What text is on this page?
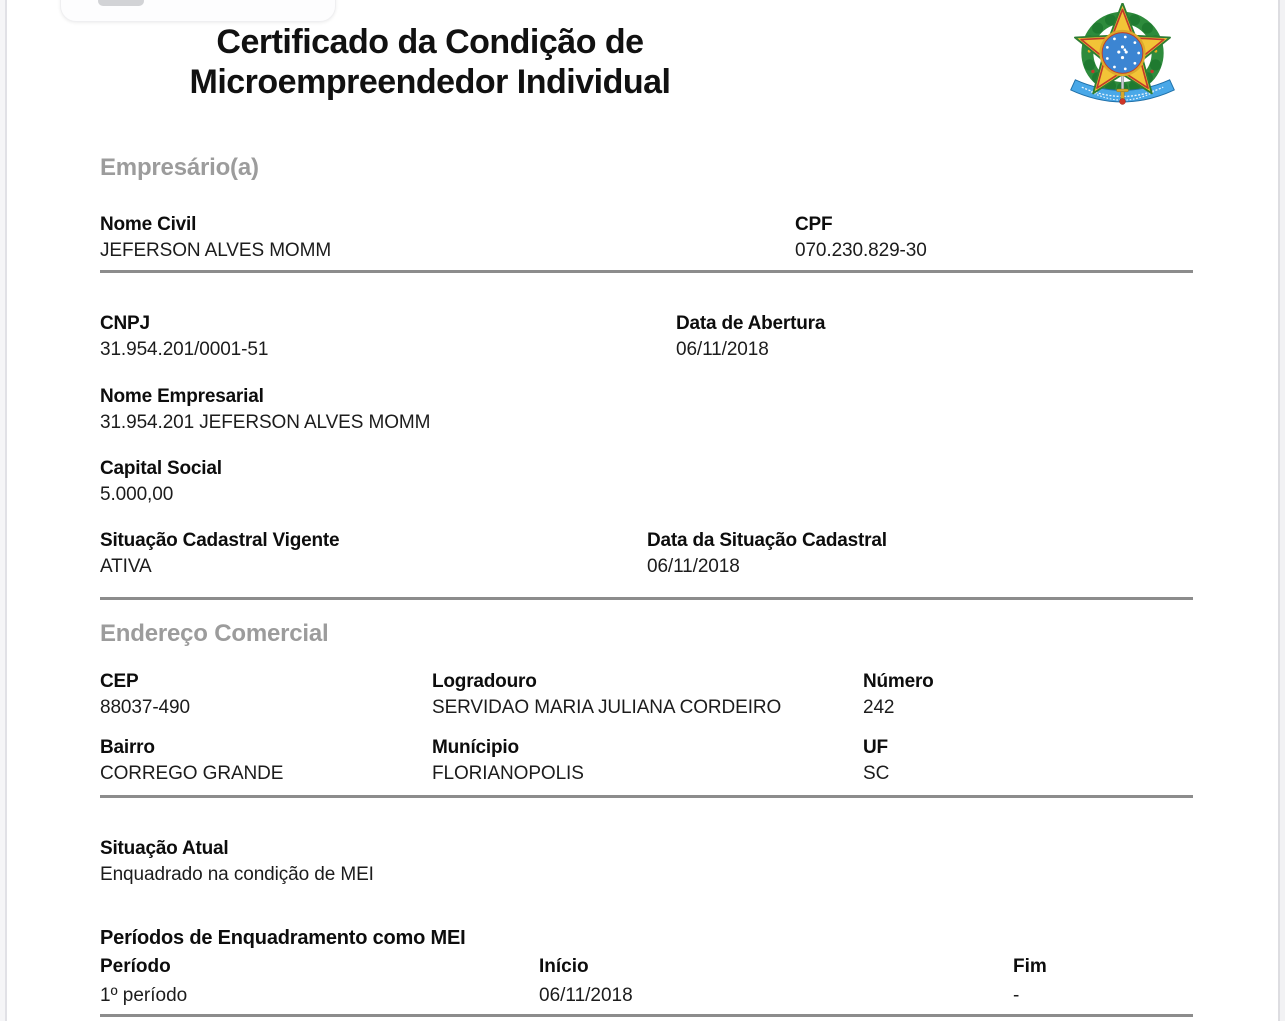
Certificado da Condição de
Microempreendedor Individual
Empresário(a)
Nome Civil
JEFERSON ALVES MOMM
CPF
070.230.829-30
CNPJ
31.954.201/0001-51
Data de Abertura
06/11/2018
Nome Empresarial
31.954.201 JEFERSON ALVES MOMM
Capital Social
5.000,00
Situação Cadastral Vigente
ATIVA
Data da Situação Cadastral
06/11/2018
Endereço Comercial
CEP
88037-490
Logradouro
SERVIDAO MARIA JULIANA CORDEIRO
Número
242
Bairro
CORREGO GRANDE
Munícipio
FLORIANOPOLIS
UF
SC
Situação Atual
Enquadrado na condição de MEI
Períodos de Enquadramento como MEI
Período	Início	Fim
1º período	06/11/2018	-
